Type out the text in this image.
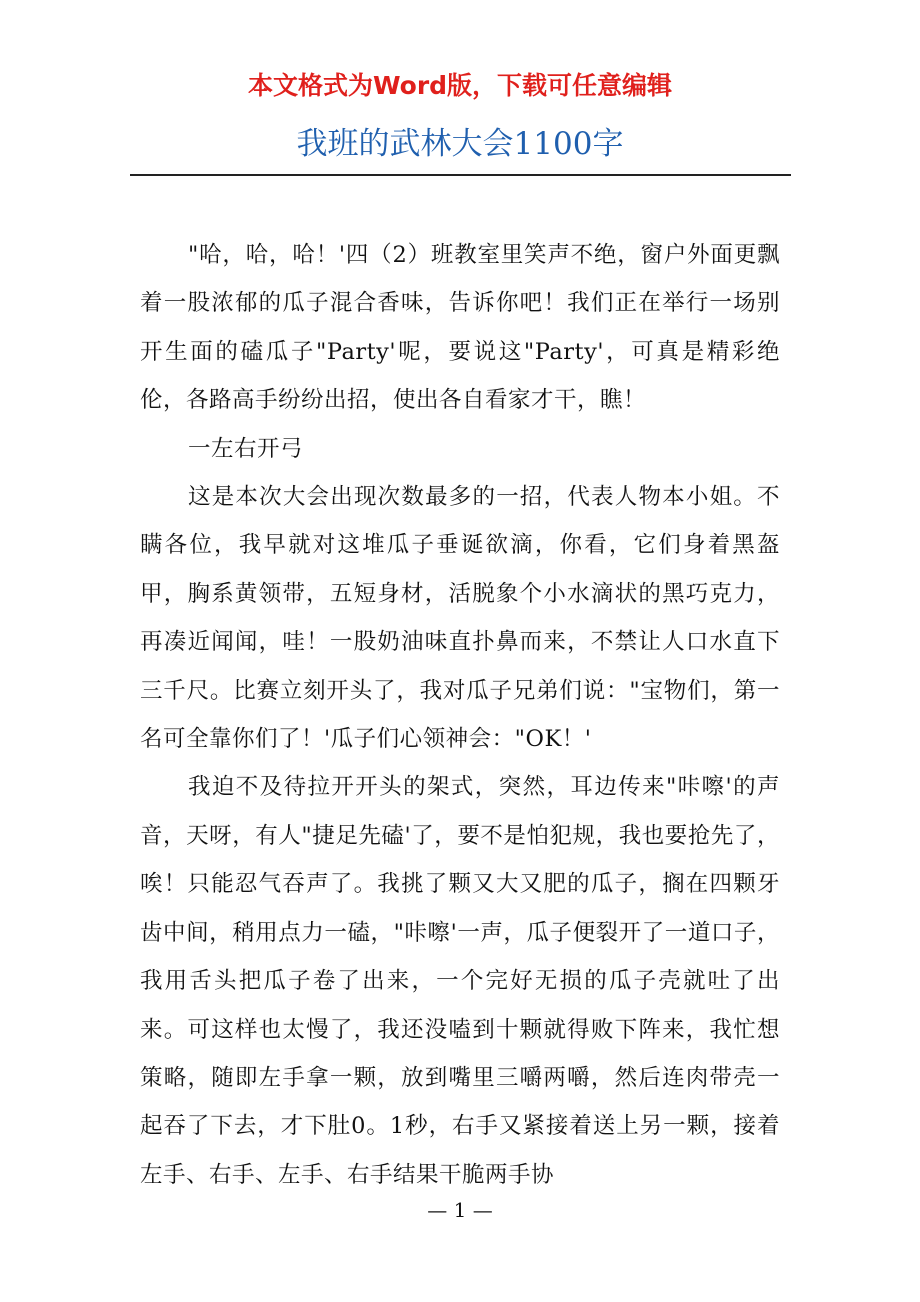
本文格式为Word版，下载可任意编辑
我班的武林大会1100字

"哈，哈，哈！'四（2）班教室里笑声不绝，窗户外面更飘着一股浓郁的瓜子混合香味，告诉你吧！我们正在举行一场别开生面的磕瓜子"Party'呢，要说这"Party'，可真是精彩绝伦，各路高手纷纷出招，使出各自看家才干，瞧！

一左右开弓

这是本次大会出现次数最多的一招，代表人物本小姐。不瞒各位，我早就对这堆瓜子垂诞欲滴，你看，它们身着黑盔甲，胸系黄领带，五短身材，活脱象个小水滴状的黑巧克力，再凑近闻闻，哇！一股奶油味直扑鼻而来，不禁让人口水直下三千尺。比赛立刻开头了，我对瓜子兄弟们说："宝物们，第一名可全靠你们了！'瓜子们心领神会："OK！'

我迫不及待拉开开头的架式，突然，耳边传来"咔嚓'的声音，天呀，有人"捷足先磕'了，要不是怕犯规，我也要抢先了，唉！只能忍气吞声了。我挑了颗又大又肥的瓜子，搁在四颗牙齿中间，稍用点力一磕，"咔嚓'一声，瓜子便裂开了一道口子，我用舌头把瓜子卷了出来，一个完好无损的瓜子壳就吐了出来。可这样也太慢了，我还没嗑到十颗就得败下阵来，我忙想策略，随即左手拿一颗，放到嘴里三嚼两嚼，然后连肉带壳一起吞了下去，才下肚0。1秒，右手又紧接着送上另一颗，接着左手、右手、左手、右手结果干脆两手协

— 1 —
